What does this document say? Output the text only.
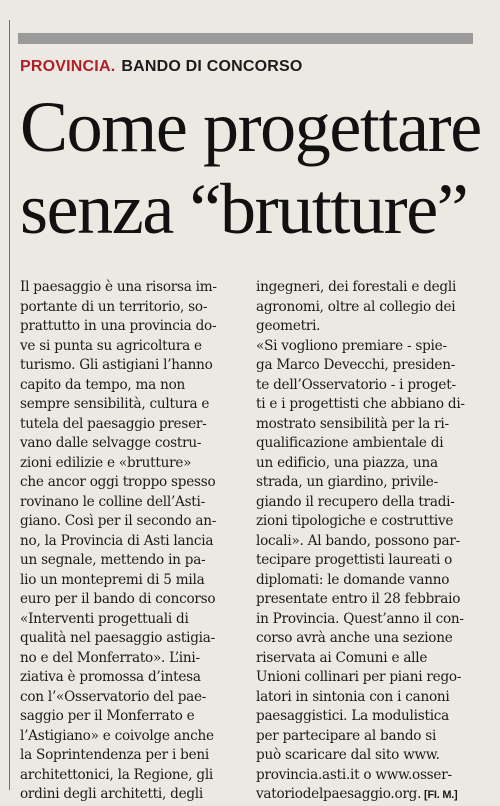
PROVINCIA. BANDO DI CONCORSO
Come progettare
senza “brutture”
Il paesaggio è una risorsa im-
portante di un territorio, so-
prattutto in una provincia do-
ve si punta su agricoltura e
turismo. Gli astigiani l’hanno
capito da tempo, ma non
sempre sensibilità, cultura e
tutela del paesaggio preser-
vano dalle selvagge costru-
zioni edilizie e «brutture»
che ancor oggi troppo spesso
rovinano le colline dell’Asti-
giano. Così per il secondo an-
no, la Provincia di Asti lancia
un segnale, mettendo in pa-
lio un montepremi di 5 mila
euro per il bando di concorso
«Interventi progettuali di
qualità nel paesaggio astigia-
no e del Monferrato». L’ini-
ziativa è promossa d’intesa
con l’«Osservatorio del pae-
saggio per il Monferrato e
l’Astigiano» e coivolge anche
la Soprintendenza per i beni
architettonici, la Regione, gli
ordini degli architetti, degli
ingegneri, dei forestali e degli
agronomi, oltre al collegio dei
geometri.
«Si vogliono premiare - spie-
ga Marco Devecchi, presiden-
te dell’Osservatorio - i proget-
ti e i progettisti che abbiano di-
mostrato sensibilità per la ri-
qualificazione ambientale di
un edificio, una piazza, una
strada, un giardino, privile-
giando il recupero della tradi-
zioni tipologiche e costruttive
locali». Al bando, possono par-
tecipare progettisti laureati o
diplomati: le domande vanno
presentate entro il 28 febbraio
in Provincia. Quest’anno il con-
corso avrà anche una sezione
riservata ai Comuni e alle
Unioni collinari per piani rego-
latori in sintonia con i canoni
paesaggistici. La modulistica
per partecipare al bando si
può scaricare dal sito www.
provincia.asti.it o www.osser-
vatoriodelpaesaggio.org. [FI. M.]
